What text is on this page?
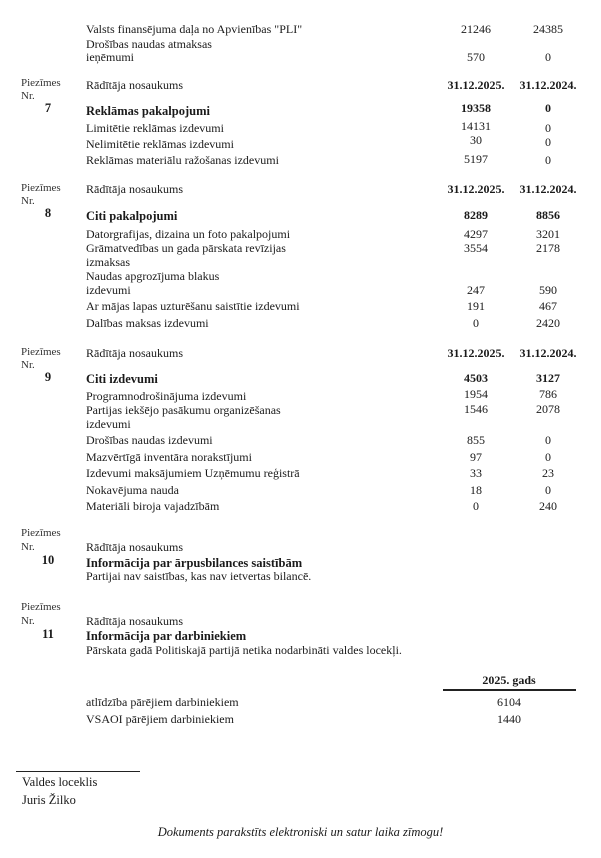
Valsts finansējuma daļa no Apvienības "PLI"	21246	24385
Drošības naudas atmaksas
ieņēmumi	570	0
Piezīmes
Nr.
Rādītāja nosaukums	31.12.2025.	31.12.2024.
7	Reklāmas pakalpojumi	19358	0
Limitētie reklāmas izdevumi	14131	0
Nelimitētie reklāmas izdevumi	30	0
Reklāmas materiālu ražošanas izdevumi	5197	0
Piezīmes
Nr.
Rādītāja nosaukums	31.12.2025.	31.12.2024.
8	Citi pakalpojumi	8289	8856
Datorgrafijas, dizaina un foto pakalpojumi	4297	3201
Grāmatvedības un gada pārskata revīzijas
izmaksas
3554	2178
Naudas apgrozījuma blakus
izdevumi	247	590
Ar mājas lapas uzturēšanu saistītie izdevumi	191	467
Dalības maksas izdevumi	0	2420
Piezīmes
Nr.
Rādītāja nosaukums	31.12.2025.	31.12.2024.
9	Citi izdevumi	4503	3127
Programnodrošinājuma izdevumi	1954	786
Partijas iekšējo pasākumu organizēšanas
izdevumi
1546	2078
Drošības naudas izdevumi	855	0
Mazvērtīgā inventāra norakstījumi	97	0
Izdevumi maksājumiem Uzņēmumu reģistrā	33	23
Nokavējuma nauda	18	0
Materiāli biroja vajadzībām	0	240
Piezīmes
Nr.	Rādītāja nosaukums
10	Informācija par ārpusbilances saistībām
Partijai nav saistības, kas nav ietvertas bilancē.
Piezīmes
Nr.	Rādītāja nosaukums
11	Informācija par darbiniekiem
Pārskata gadā Politiskajā partijā netika nodarbināti valdes locekļi.
2025. gads
atlīdzība pārējiem darbiniekiem	6104
VSAOI pārējiem darbiniekiem	1440
Valdes loceklis
Juris Žilko
Dokuments parakstīts elektroniski un satur laika zīmogu!
